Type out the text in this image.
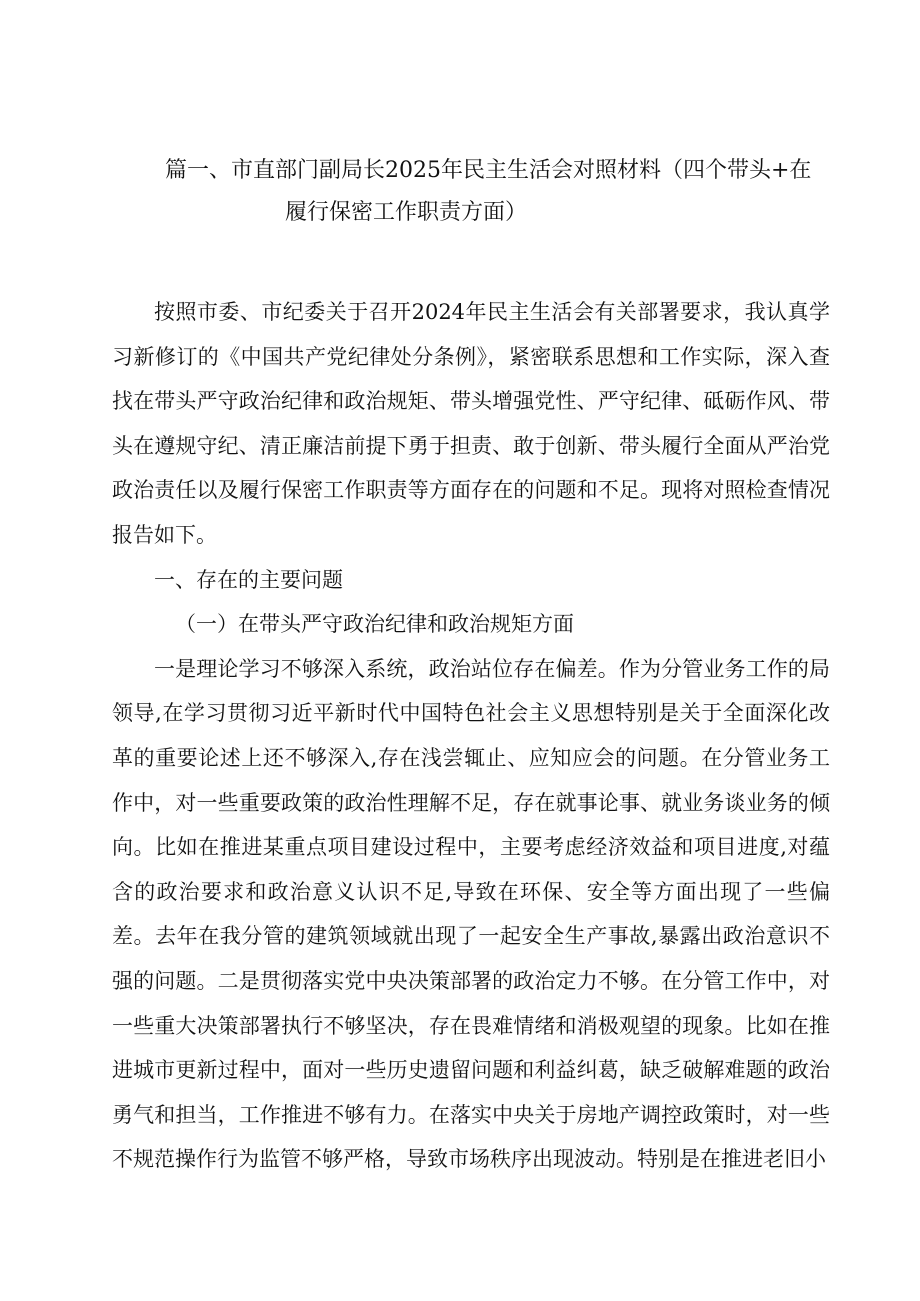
篇一、市直部门副局长2025年民主生活会对照材料（四个带头+在
履行保密工作职责方面）

按照市委、市纪委关于召开2024年民主生活会有关部署要求，我认真学习新修订的《中国共产党纪律处分条例》，紧密联系思想和工作实际，深入查找在带头严守政治纪律和政治规矩、带头增强党性、严守纪律、砥砺作风、带头在遵规守纪、清正廉洁前提下勇于担责、敢于创新、带头履行全面从严治党政治责任以及履行保密工作职责等方面存在的问题和不足。现将对照检查情况报告如下。

一、存在的主要问题

（一）在带头严守政治纪律和政治规矩方面

一是理论学习不够深入系统，政治站位存在偏差。作为分管业务工作的局领导,在学习贯彻习近平新时代中国特色社会主义思想特别是关于全面深化改革的重要论述上还不够深入,存在浅尝辄止、应知应会的问题。在分管业务工作中，对一些重要政策的政治性理解不足，存在就事论事、就业务谈业务的倾向。比如在推进某重点项目建设过程中，主要考虑经济效益和项目进度,对蕴含的政治要求和政治意义认识不足,导致在环保、安全等方面出现了一些偏差。去年在我分管的建筑领域就出现了一起安全生产事故,暴露出政治意识不强的问题。二是贯彻落实党中央决策部署的政治定力不够。在分管工作中，对一些重大决策部署执行不够坚决，存在畏难情绪和消极观望的现象。比如在推进城市更新过程中，面对一些历史遗留问题和利益纠葛，缺乏破解难题的政治勇气和担当，工作推进不够有力。在落实中央关于房地产调控政策时，对一些不规范操作行为监管不够严格，导致市场秩序出现波动。特别是在推进老旧小
